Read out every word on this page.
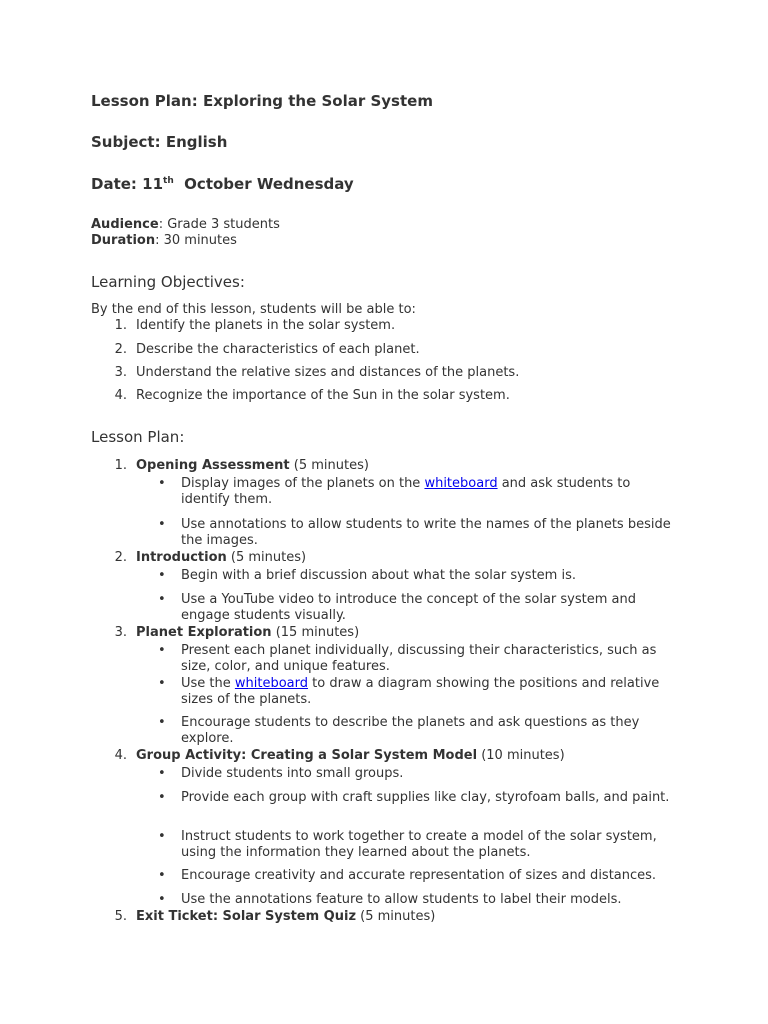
Lesson Plan: Exploring the Solar System
Subject: English
Date: 11th  October Wednesday
Audience: Grade 3 students
Duration: 30 minutes
Learning Objectives:
By the end of this lesson, students will be able to:
1. Identify the planets in the solar system.
2. Describe the characteristics of each planet.
3. Understand the relative sizes and distances of the planets.
4. Recognize the importance of the Sun in the solar system.
Lesson Plan:
1. Opening Assessment (5 minutes)
• Display images of the planets on the whiteboard and ask students to identify them.
• Use annotations to allow students to write the names of the planets beside the images.
2. Introduction (5 minutes)
• Begin with a brief discussion about what the solar system is.
• Use a YouTube video to introduce the concept of the solar system and engage students visually.
3. Planet Exploration (15 minutes)
• Present each planet individually, discussing their characteristics, such as size, color, and unique features.
• Use the whiteboard to draw a diagram showing the positions and relative sizes of the planets.
• Encourage students to describe the planets and ask questions as they explore.
4. Group Activity: Creating a Solar System Model (10 minutes)
• Divide students into small groups.
• Provide each group with craft supplies like clay, styrofoam balls, and paint.
• Instruct students to work together to create a model of the solar system, using the information they learned about the planets.
• Encourage creativity and accurate representation of sizes and distances.
• Use the annotations feature to allow students to label their models.
5. Exit Ticket: Solar System Quiz (5 minutes)
